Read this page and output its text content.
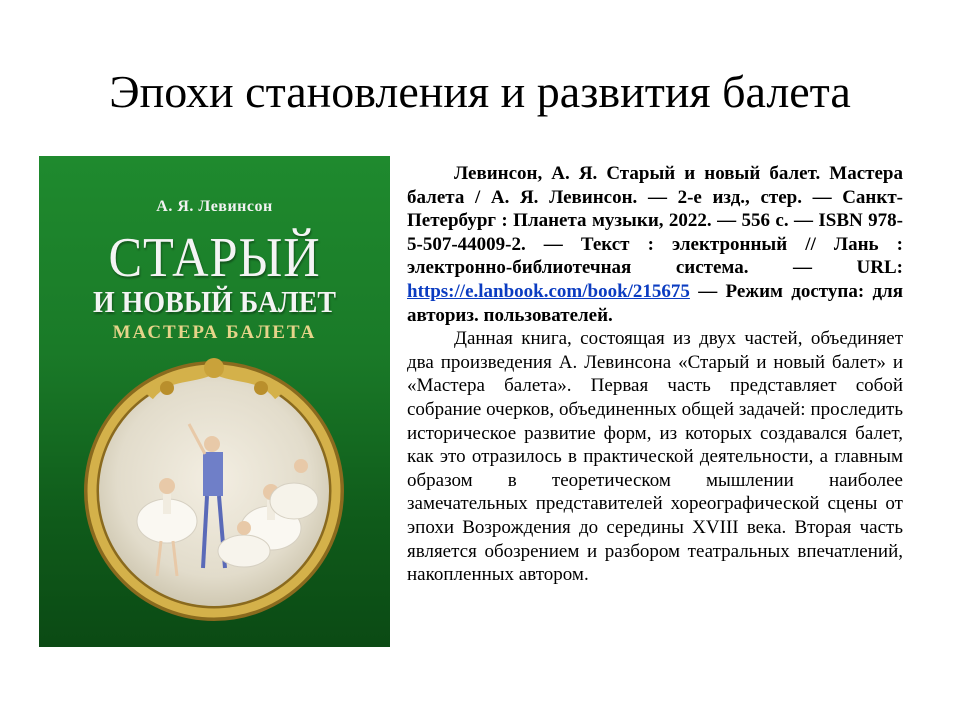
Эпохи становления и развития балета
А. Я. Левинсон
СТАРЫЙ
И НОВЫЙ БАЛЕТ
МАСТЕРА БАЛЕТА

Левинсон, А. Я. Старый и новый балет. Мастера балета / А. Я. Левинсон. — 2-е изд., стер. — Санкт-Петербург : Планета музыки, 2022. — 556 с. — ISBN 978-5-507-44009-2. — Текст : электронный // Лань : электронно-библиотечная система. — URL: https://e.lanbook.com/book/215675 — Режим доступа: для авториз. пользователей.

Данная книга, состоящая из двух частей, объединяет два произведения А. Левинсона «Старый и новый балет» и «Мастера балета». Первая часть представляет собой собрание очерков, объединенных общей задачей: проследить историческое развитие форм, из которых создавался балет, как это отразилось в практической деятельности, а главным образом в теоретическом мышлении наиболее замечательных представителей хореографической сцены от эпохи Возрождения до середины XVIII века. Вторая часть является обозрением и разбором театральных впечатлений, накопленных автором.
